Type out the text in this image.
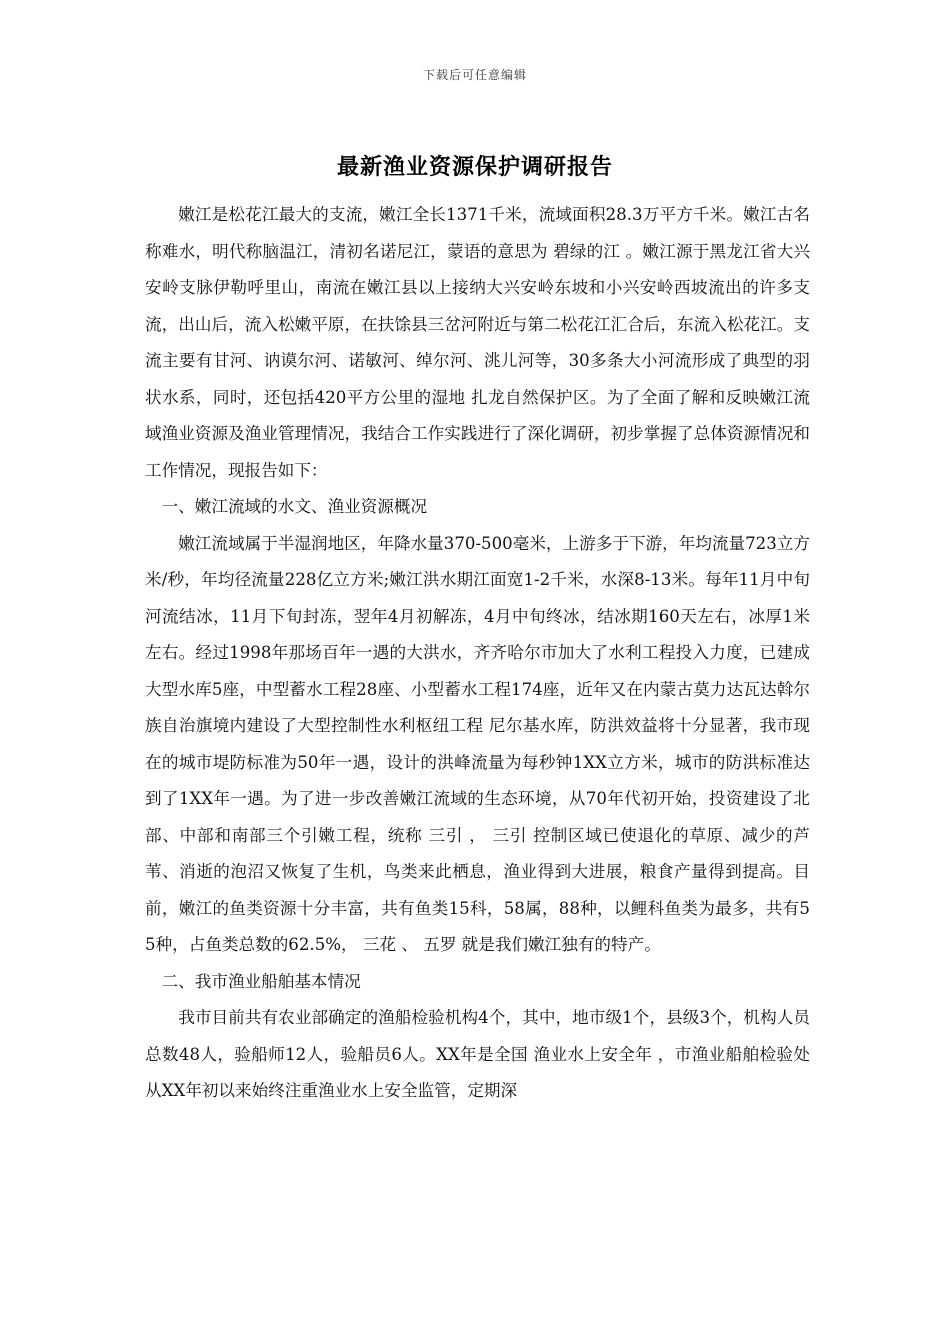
下载后可任意编辑
最新渔业资源保护调研报告

嫩江是松花江最大的支流，嫩江全长1371千米，流域面积28.3万平方千米。嫩江古名称难水，明代称脑温江，清初名诺尼江，蒙语的意思为 碧绿的江 。嫩江源于黑龙江省大兴安岭支脉伊勒呼里山，南流在嫩江县以上接纳大兴安岭东坡和小兴安岭西坡流出的许多支流，出山后，流入松嫩平原，在扶馀县三岔河附近与第二松花江汇合后，东流入松花江。支流主要有甘河、讷谟尔河、诺敏河、绰尔河、洮儿河等，30多条大小河流形成了典型的羽状水系，同时，还包括420平方公里的湿地 扎龙自然保护区。为了全面了解和反映嫩江流域渔业资源及渔业管理情况，我结合工作实践进行了深化调研，初步掌握了总体资源情况和工作情况，现报告如下：

一、嫩江流域的水文、渔业资源概况

嫩江流域属于半湿润地区，年降水量370-500毫米，上游多于下游，年均流量723立方米/秒，年均径流量228亿立方米;嫩江洪水期江面宽1-2千米，水深8-13米。每年11月中旬河流结冰，11月下旬封冻，翌年4月初解冻，4月中旬终冰，结冰期160天左右，冰厚1米左右。经过1998年那场百年一遇的大洪水，齐齐哈尔市加大了水利工程投入力度，已建成大型水库5座，中型蓄水工程28座、小型蓄水工程174座，近年又在内蒙古莫力达瓦达斡尔族自治旗境内建设了大型控制性水利枢纽工程 尼尔基水库，防洪效益将十分显著，我市现在的城市堤防标准为50年一遇，设计的洪峰流量为每秒钟1XX立方米，城市的防洪标准达到了1XX年一遇。为了进一步改善嫩江流域的生态环境，从70年代初开始，投资建设了北部、中部和南部三个引嫩工程，统称 三引 ， 三引 控制区域已使退化的草原、减少的芦苇、消逝的泡沼又恢复了生机，鸟类来此栖息，渔业得到大进展，粮食产量得到提高。目前，嫩江的鱼类资源十分丰富，共有鱼类15科，58属，88种，以鲤科鱼类为最多，共有55种，占鱼类总数的62.5%， 三花 、 五罗 就是我们嫩江独有的特产。

二、我市渔业船舶基本情况

我市目前共有农业部确定的渔船检验机构4个，其中，地市级1个，县级3个，机构人员总数48人，验船师12人，验船员6人。XX年是全国 渔业水上安全年 ，市渔业船舶检验处从XX年初以来始终注重渔业水上安全监管，定期深
